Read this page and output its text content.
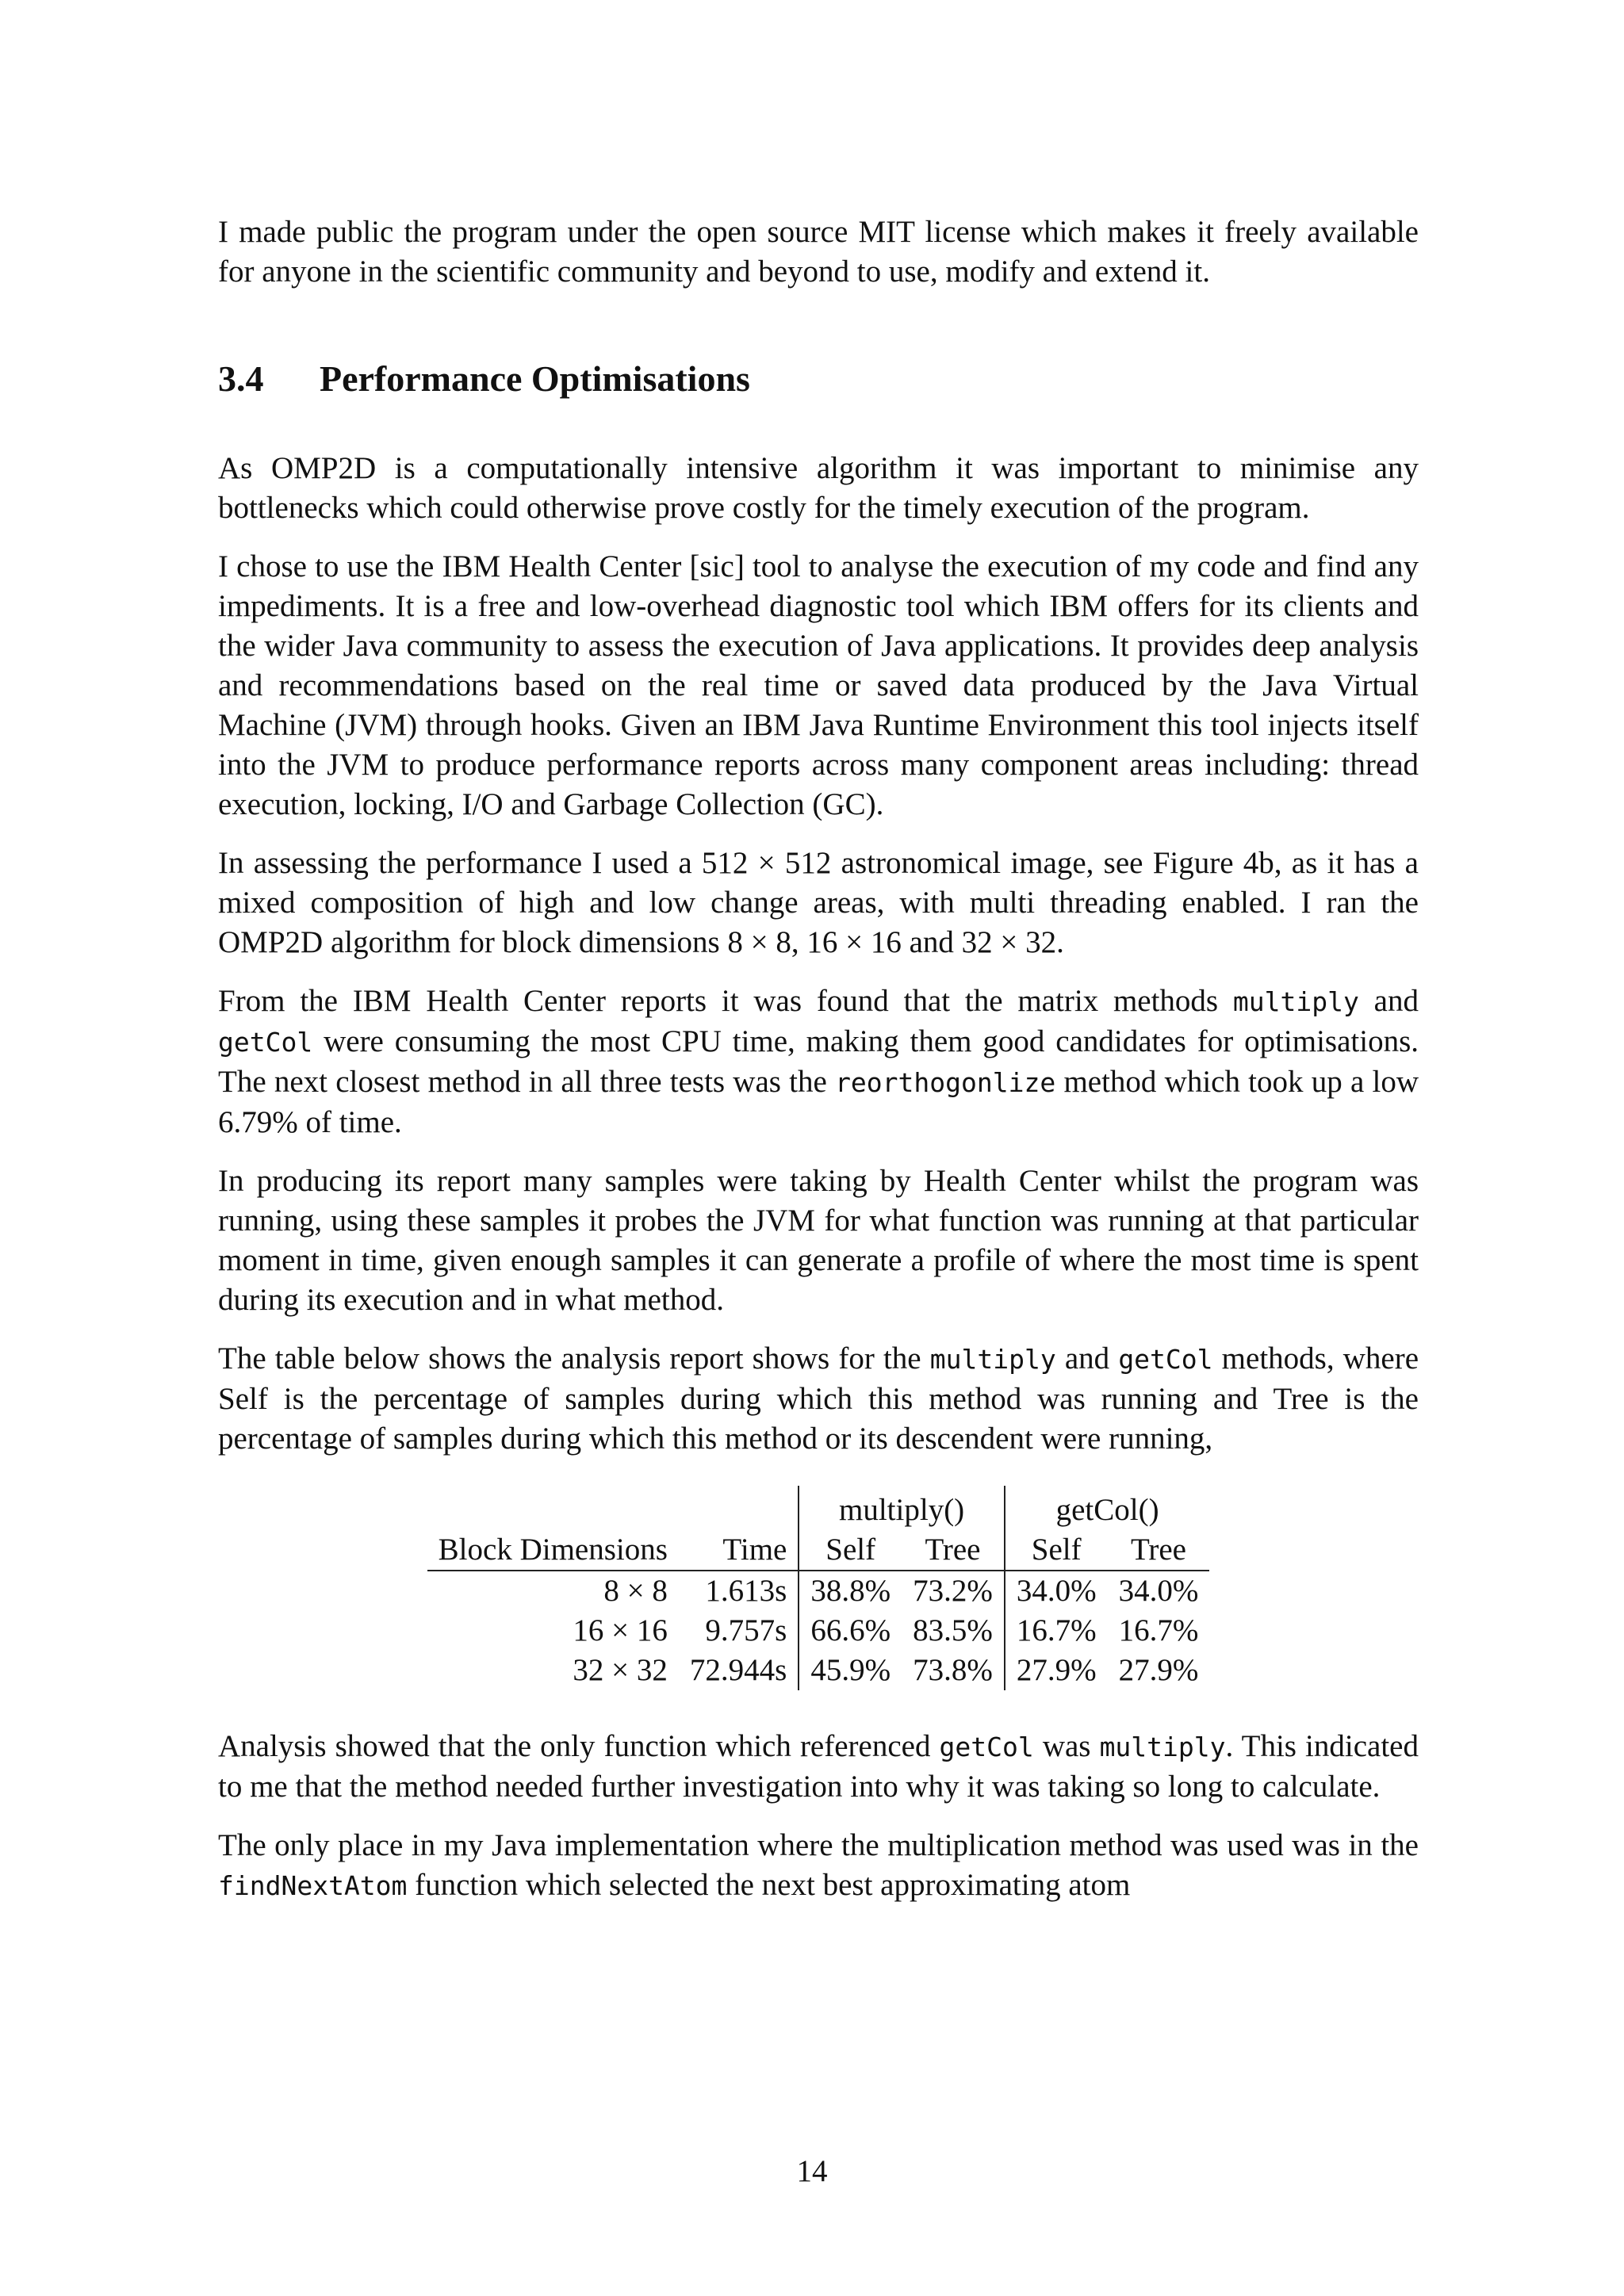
I made public the program under the open source MIT license which makes it freely available for anyone in the scientific community and beyond to use, modify and extend it.

3.4 Performance Optimisations

As OMP2D is a computationally intensive algorithm it was important to minimise any bottlenecks which could otherwise prove costly for the timely execution of the program.

I chose to use the IBM Health Center [sic] tool to analyse the execution of my code and find any impediments. It is a free and low-overhead diagnostic tool which IBM offers for its clients and the wider Java community to assess the execution of Java applications. It provides deep analysis and recommendations based on the real time or saved data produced by the Java Virtual Machine (JVM) through hooks. Given an IBM Java Runtime Environment this tool injects itself into the JVM to produce performance reports across many component areas including: thread execution, locking, I/O and Garbage Collection (GC).

In assessing the performance I used a 512 × 512 astronomical image, see Figure 4b, as it has a mixed composition of high and low change areas, with multi threading enabled. I ran the OMP2D algorithm for block dimensions 8 × 8, 16 × 16 and 32 × 32.

From the IBM Health Center reports it was found that the matrix methods multiply and getCol were consuming the most CPU time, making them good candidates for optimisations. The next closest method in all three tests was the reorthogonlize method which took up a low 6.79% of time.

In producing its report many samples were taking by Health Center whilst the program was running, using these samples it probes the JVM for what function was running at that particular moment in time, given enough samples it can generate a profile of where the most time is spent during its execution and in what method.

The table below shows the analysis report shows for the multiply and getCol methods, where Self is the percentage of samples during which this method was running and Tree is the percentage of samples during which this method or its descendent were running,

		multiply()		getCol()	
Block Dimensions	Time	Self	Tree	Self	Tree
8 × 8	1.613s	38.8%	73.2%	34.0%	34.0%
16 × 16	9.757s	66.6%	83.5%	16.7%	16.7%
32 × 32	72.944s	45.9%	73.8%	27.9%	27.9%

Analysis showed that the only function which referenced getCol was multiply. This indicated to me that the method needed further investigation into why it was taking so long to calculate.

The only place in my Java implementation where the multiplication method was used was in the findNextAtom function which selected the next best approximating atom

14
